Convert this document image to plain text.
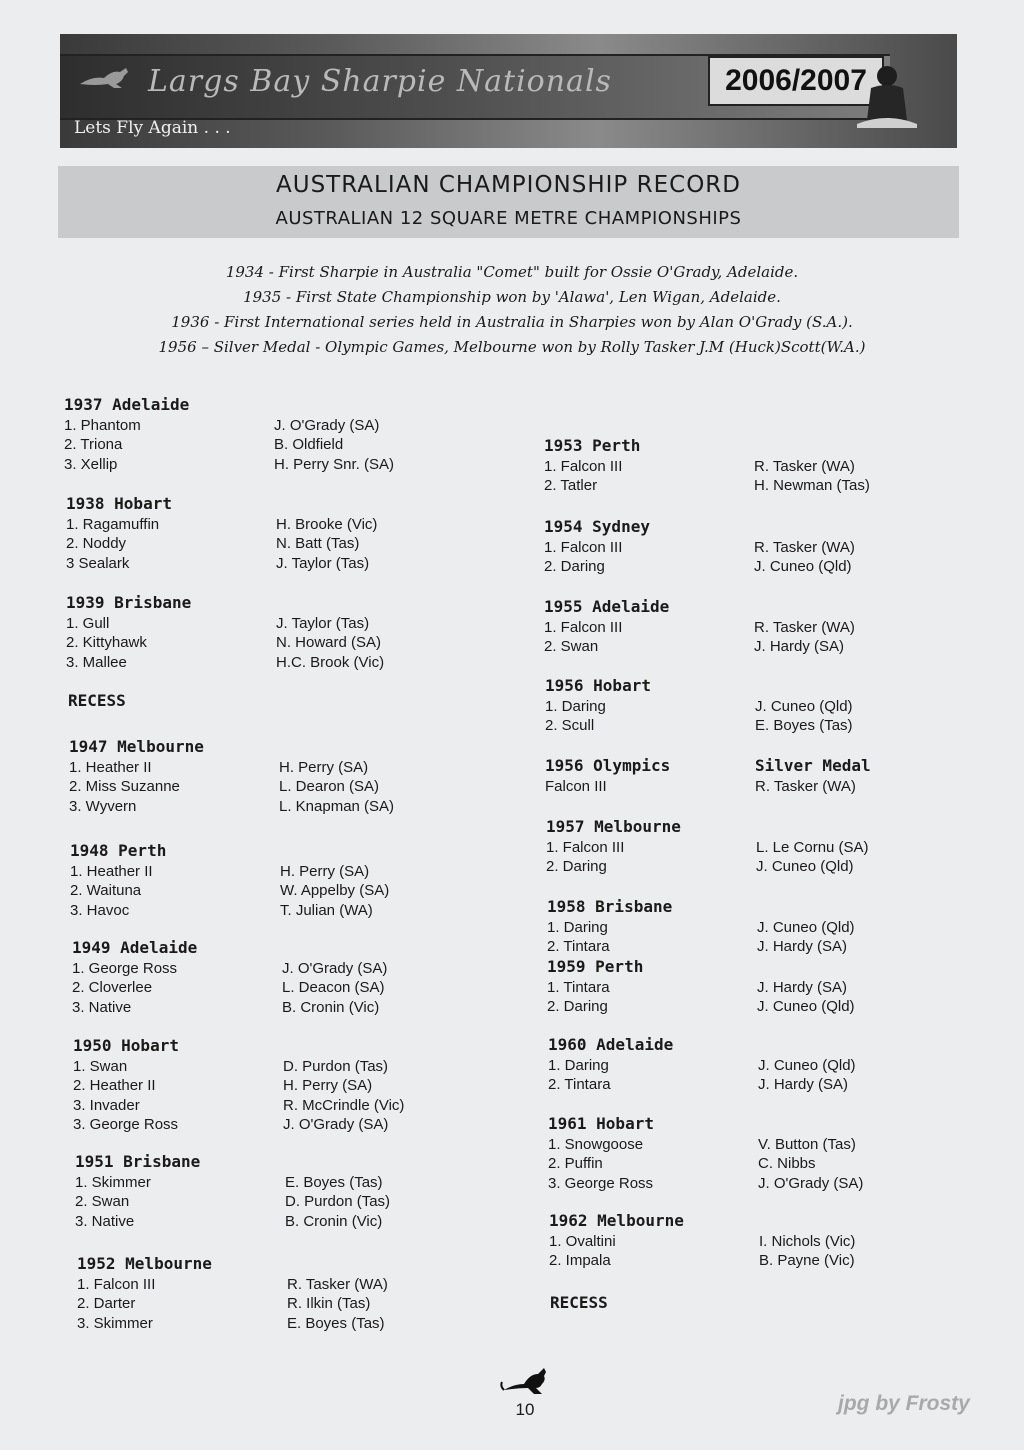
Largs Bay Sharpie Nationals	2006/2007
Lets Fly Again . . .
AUSTRALIAN CHAMPIONSHIP RECORD
AUSTRALIAN 12 SQUARE METRE CHAMPIONSHIPS
1934 - First Sharpie in Australia "Comet" built for Ossie O'Grady, Adelaide.
1935 - First State Championship won by 'Alawa', Len Wigan, Adelaide.
1936 - First International series held in Australia in Sharpies won by Alan O'Grady (S.A.).
1956 – Silver Medal - Olympic Games, Melbourne won by Rolly Tasker J.M (Huck)Scott(W.A.)
1937 Adelaide
1. Phantom	J. O'Grady (SA)
2. Triona	B. Oldfield
3. Xellip	H. Perry Snr. (SA)
1938 Hobart
1. Ragamuffin	H. Brooke (Vic)
2. Noddy	N. Batt (Tas)
3 Sealark	J. Taylor (Tas)
1939 Brisbane
1. Gull	J. Taylor (Tas)
2. Kittyhawk	N. Howard (SA)
3. Mallee	H.C. Brook (Vic)
RECESS
1947 Melbourne
1. Heather II	H. Perry (SA)
2. Miss Suzanne	L. Dearon (SA)
3. Wyvern	L. Knapman (SA)
1948 Perth
1. Heather II	H. Perry (SA)
2. Waituna	W. Appelby (SA)
3. Havoc	T. Julian (WA)
1949 Adelaide
1. George Ross	J. O'Grady (SA)
2. Cloverlee	L. Deacon (SA)
3. Native	B. Cronin (Vic)
1950 Hobart
1. Swan	D. Purdon (Tas)
2. Heather II	H. Perry (SA)
3. Invader	R. McCrindle (Vic)
3. George Ross	J. O'Grady (SA)
1951 Brisbane
1. Skimmer	E. Boyes (Tas)
2. Swan	D. Purdon (Tas)
3. Native	B. Cronin (Vic)
1952 Melbourne
1. Falcon III	R. Tasker (WA)
2. Darter	R. Ilkin (Tas)
3. Skimmer	E. Boyes (Tas)
1953 Perth
1. Falcon III	R. Tasker (WA)
2. Tatler	H. Newman (Tas)
1954 Sydney
1. Falcon III	R. Tasker (WA)
2. Daring	J. Cuneo (Qld)
1955 Adelaide
1. Falcon III	R. Tasker (WA)
2. Swan	J. Hardy (SA)
1956 Hobart
1. Daring	J. Cuneo (Qld)
2. Scull	E. Boyes (Tas)
1956 Olympics	Silver Medal
Falcon III	R. Tasker (WA)
1957 Melbourne
1. Falcon III	L. Le Cornu (SA)
2. Daring	J. Cuneo (Qld)
1958 Brisbane
1. Daring	J. Cuneo (Qld)
2. Tintara	J. Hardy (SA)
1959 Perth
1. Tintara	J. Hardy (SA)
2. Daring	J. Cuneo (Qld)
1960 Adelaide
1. Daring	J. Cuneo (Qld)
2. Tintara	J. Hardy (SA)
1961 Hobart
1. Snowgoose	V. Button (Tas)
2. Puffin	C. Nibbs
3. George Ross	J. O'Grady (SA)
1962 Melbourne
1. Ovaltini	I. Nichols (Vic)
2. Impala	B. Payne (Vic)
RECESS
10	jpg by Frosty
